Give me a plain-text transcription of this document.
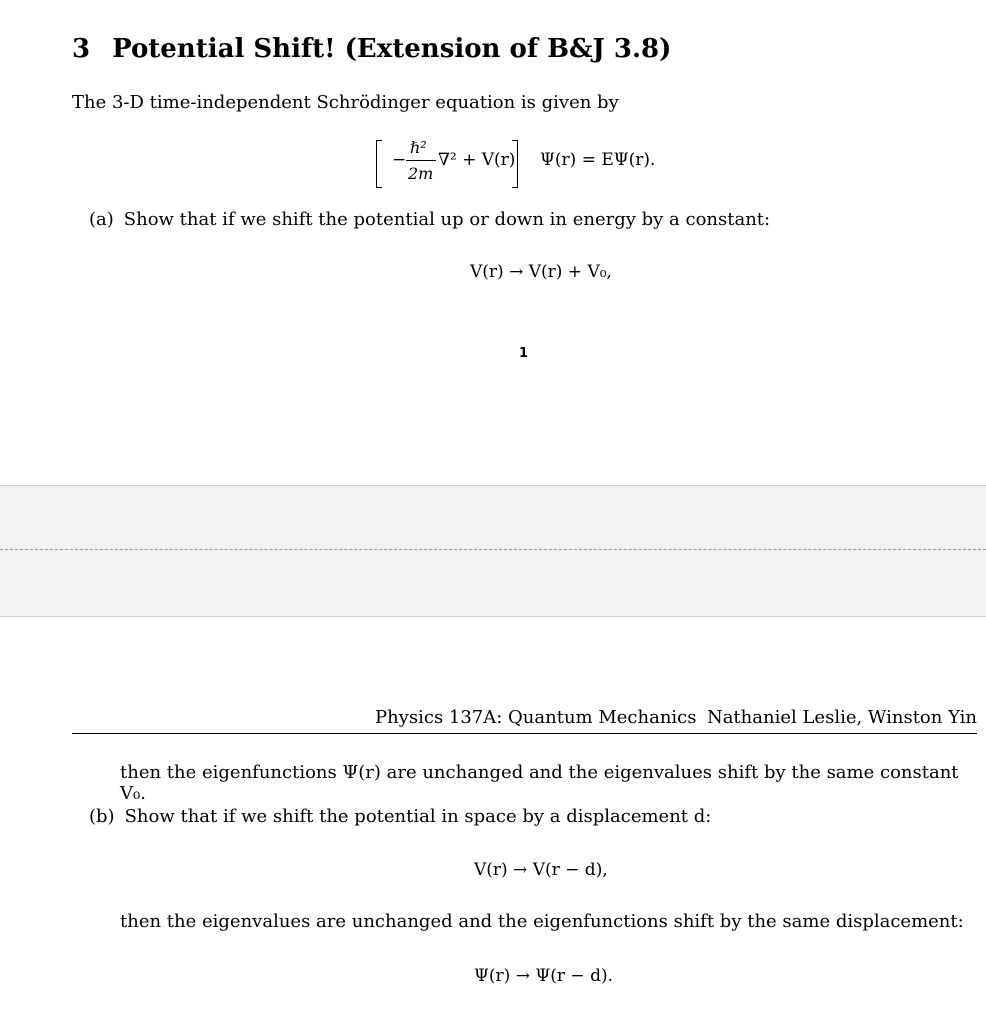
3 Potential Shift! (Extension of B&J 3.8)
The 3-D time-independent Schrödinger equation is given by
−
ℏ²
2m
∇² + V(r) Ψ(r) = EΨ(r).
(a) Show that if we shift the potential up or down in energy by a constant:
V(r) → V(r) + V₀,
1
Physics 137A: Quantum Mechanics Nathaniel Leslie, Winston Yin
then the eigenfunctions Ψ(r) are unchanged and the eigenvalues shift by the same constant V₀.
(b) Show that if we shift the potential in space by a displacement d:
V(r) → V(r − d),
then the eigenvalues are unchanged and the eigenfunctions shift by the same displacement:
Ψ(r) → Ψ(r − d).
